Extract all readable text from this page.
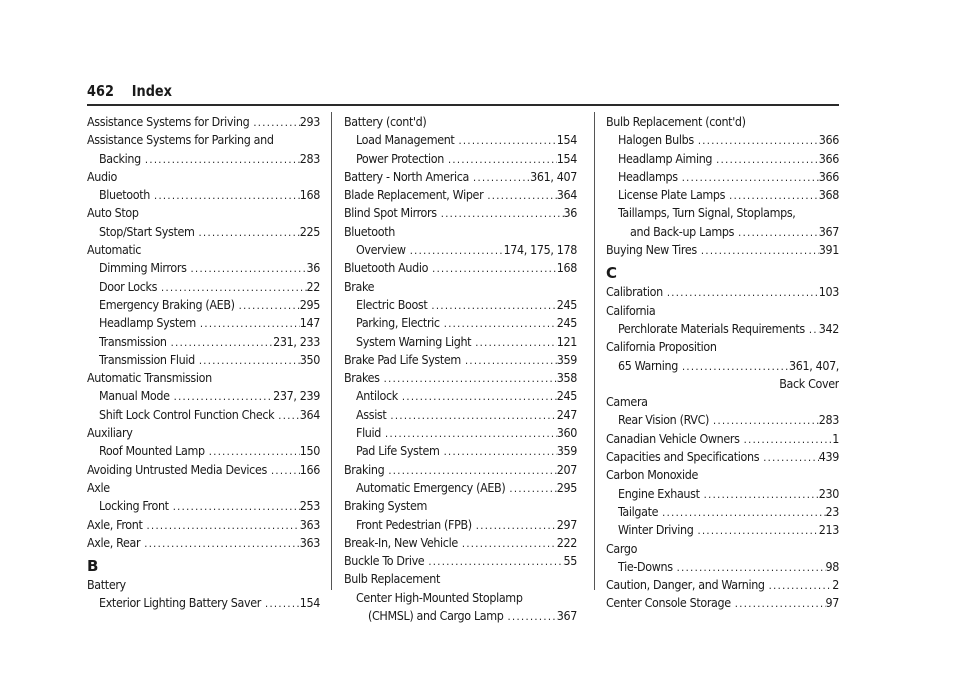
462	Index
Assistance Systems for Driving . . .	293
Assistance Systems for Parking and
Backing . . .	283
Audio
Bluetooth . . .	168
Auto Stop
Stop/Start System . . .	225
Automatic
Dimming Mirrors . . .	36
Door Locks . . .	22
Emergency Braking (AEB) . . .	295
Headlamp System . . .	147
Transmission . . .	231, 233
Transmission Fluid . . .	350
Automatic Transmission
Manual Mode . . .	237, 239
Shift Lock Control Function Check . . . 364
Auxiliary
Roof Mounted Lamp . . .	150
Avoiding Untrusted Media Devices . . .	166
Axle
Locking Front . . .	253
Axle, Front . . .	363
Axle, Rear . . .	363
B
Battery
Exterior Lighting Battery Saver . . .	154
Battery (cont'd)
Load Management . . .	154
Power Protection . . .	154
Battery - North America . . .	361, 407
Blade Replacement, Wiper . . .	364
Blind Spot Mirrors . . .	36
Bluetooth
Overview . . .	174, 175, 178
Bluetooth Audio . . .	168
Brake
Electric Boost . . .	245
Parking, Electric . . .	245
System Warning Light . . .	121
Brake Pad Life System . . .	359
Brakes . . .	358
Antilock . . .	245
Assist . . .	247
Fluid . . .	360
Pad Life System . . .	359
Braking . . .	207
Automatic Emergency (AEB) . . .	295
Braking System
Front Pedestrian (FPB) . . .	297
Break-In, New Vehicle . . .	222
Buckle To Drive . . .	55
Bulb Replacement
Center High-Mounted Stoplamp
(CHMSL) and Cargo Lamp . . .	367
Bulb Replacement (cont'd)
Halogen Bulbs . . .	366
Headlamp Aiming . . .	366
Headlamps . . .	366
License Plate Lamps . . .	368
Taillamps, Turn Signal, Stoplamps,
and Back-up Lamps . . .	367
Buying New Tires . . .	391
C
Calibration . . .	103
California
Perchlorate Materials Requirements . . . 342
California Proposition
65 Warning . . .	361, 407,
Back Cover
Camera
Rear Vision (RVC) . . .	283
Canadian Vehicle Owners . . .	1
Capacities and Specifications . . .	439
Carbon Monoxide
Engine Exhaust . . .	230
Tailgate . . .	23
Winter Driving . . .	213
Cargo
Tie-Downs . . .	98
Caution, Danger, and Warning . . .	2
Center Console Storage . . .	97
